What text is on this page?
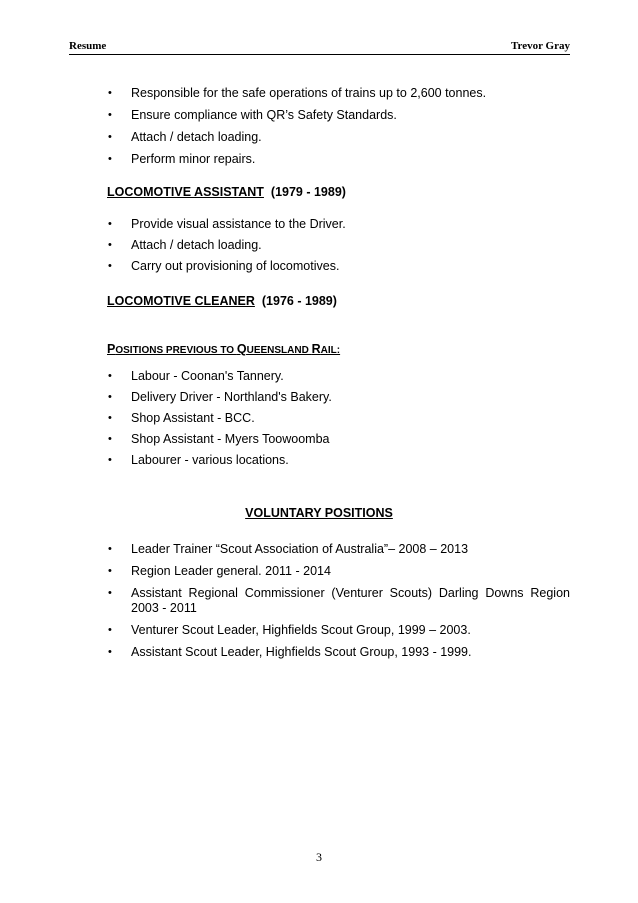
Resume	Trevor Gray
• Responsible for the safe operations of trains up to 2,600 tonnes.
• Ensure compliance with QR’s Safety Standards.
• Attach / detach loading.
• Perform minor repairs.
LOCOMOTIVE ASSISTANT (1979 - 1989)
• Provide visual assistance to the Driver.
• Attach / detach loading.
• Carry out provisioning of locomotives.
LOCOMOTIVE CLEANER (1976 - 1989)
POSITIONS PREVIOUS TO QUEENSLAND RAIL:
• Labour - Coonan's Tannery.
• Delivery Driver - Northland's Bakery.
• Shop Assistant - BCC.
• Shop Assistant - Myers Toowoomba
• Labourer - various locations.
VOLUNTARY POSITIONS
• Leader Trainer “Scout Association of Australia”– 2008 – 2013
• Region Leader general. 2011 - 2014
• Assistant Regional Commissioner (Venturer Scouts) Darling Downs Region 2003 - 2011
• Venturer Scout Leader, Highfields Scout Group, 1999 – 2003.
• Assistant Scout Leader, Highfields Scout Group, 1993 - 1999.
3
